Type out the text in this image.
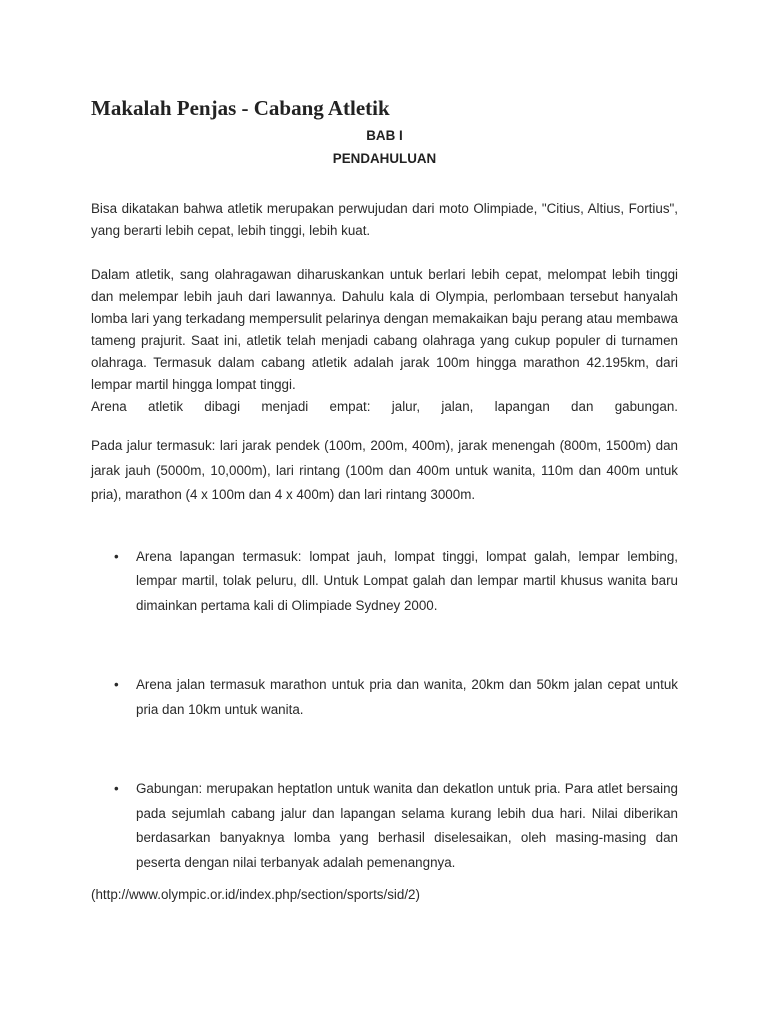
Makalah Penjas - Cabang Atletik
BAB I
PENDAHULUAN

Bisa dikatakan bahwa atletik merupakan perwujudan dari moto Olimpiade, "Citius, Altius, Fortius", yang berarti lebih cepat, lebih tinggi, lebih kuat.

Dalam atletik, sang olahragawan diharuskankan untuk berlari lebih cepat, melompat lebih tinggi dan melempar lebih jauh dari lawannya. Dahulu kala di Olympia, perlombaan tersebut hanyalah lomba lari yang terkadang mempersulit pelarinya dengan memakaikan baju perang atau membawa tameng prajurit. Saat ini, atletik telah menjadi cabang olahraga yang cukup populer di turnamen olahraga. Termasuk dalam cabang atletik adalah jarak 100m hingga marathon 42.195km, dari lempar martil hingga lompat tinggi.

Arena atletik dibagi menjadi empat: jalur, jalan, lapangan dan gabungan.

Pada jalur termasuk: lari jarak pendek (100m, 200m, 400m), jarak menengah (800m, 1500m) dan jarak jauh (5000m, 10,000m), lari rintang (100m dan 400m untuk wanita, 110m dan 400m untuk pria), marathon (4 x 100m dan 4 x 400m) dan lari rintang 3000m.

• Arena lapangan termasuk: lompat jauh, lompat tinggi, lompat galah, lempar lembing, lempar martil, tolak peluru, dll. Untuk Lompat galah dan lempar martil khusus wanita baru dimainkan pertama kali di Olimpiade Sydney 2000.
• Arena jalan termasuk marathon untuk pria dan wanita, 20km dan 50km jalan cepat untuk pria dan 10km untuk wanita.
• Gabungan: merupakan heptatlon untuk wanita dan dekatlon untuk pria. Para atlet bersaing pada sejumlah cabang jalur dan lapangan selama kurang lebih dua hari. Nilai diberikan berdasarkan banyaknya lomba yang berhasil diselesaikan, oleh masing-masing dan peserta dengan nilai terbanyak adalah pemenangnya.
(http://www.olympic.or.id/index.php/section/sports/sid/2)
